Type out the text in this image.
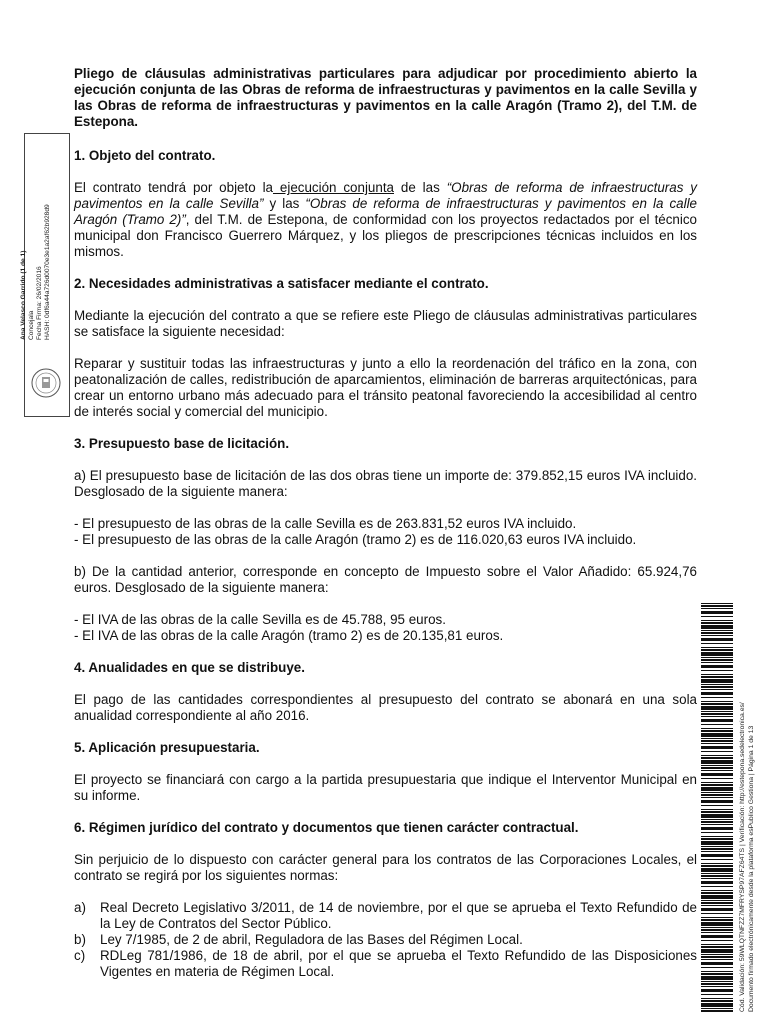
Ana Velasco Garrido (1 de 1) Concejala Fecha Firma: 26/02/2016 HASH: 0df6a44a726d0070e3e1a2af62b928d9
Pliego de cláusulas administrativas particulares para adjudicar por procedimiento abierto la ejecución conjunta de las Obras de reforma de infraestructuras y pavimentos en la calle Sevilla y las Obras de reforma de infraestructuras y pavimentos en la calle Aragón (Tramo 2), del T.M. de Estepona.
1. Objeto del contrato.

El contrato tendrá por objeto la ejecución conjunta de las “Obras de reforma de infraestructuras y pavimentos en la calle Sevilla” y las “Obras de reforma de infraestructuras y pavimentos en la calle Aragón (Tramo 2)”, del T.M. de Estepona, de conformidad con los proyectos redactados por el técnico municipal don Francisco Guerrero Márquez, y los pliegos de prescripciones técnicas incluidos en los mismos.

2. Necesidades administrativas a satisfacer mediante el contrato.

Mediante la ejecución del contrato a que se refiere este Pliego de cláusulas administrativas particulares se satisface la siguiente necesidad:

Reparar y sustituir todas las infraestructuras y junto a ello la reordenación del tráfico en la zona, con peatonalización de calles, redistribución de aparcamientos, eliminación de barreras arquitectónicas, para crear un entorno urbano más adecuado para el tránsito peatonal favoreciendo la accesibilidad al centro de interés social y comercial del municipio.

3. Presupuesto base de licitación.

a) El presupuesto base de licitación de las dos obras tiene un importe de: 379.852,15 euros IVA incluido. Desglosado de la siguiente manera:

- El presupuesto de las obras de la calle Sevilla es de 263.831,52 euros IVA incluido.

- El presupuesto de las obras de la calle Aragón (tramo 2) es de 116.020,63 euros IVA incluido.

b) De la cantidad anterior, corresponde en concepto de Impuesto sobre el Valor Añadido: 65.924,76 euros. Desglosado de la siguiente manera:

- El IVA de las obras de la calle Sevilla es de 45.788, 95 euros.

- El IVA de las obras de la calle Aragón (tramo 2) es de 20.135,81 euros.

4. Anualidades en que se distribuye.

El pago de las cantidades correspondientes al presupuesto del contrato se abonará en una sola anualidad correspondiente al año 2016.

5. Aplicación presupuestaria.

El proyecto se financiará con cargo a la partida presupuestaria que indique el Interventor Municipal en su informe.

6. Régimen jurídico del contrato y documentos que tienen carácter contractual.

Sin perjuicio de lo dispuesto con carácter general para los contratos de las Corporaciones Locales, el contrato se regirá por los siguientes normas:

a)	Real Decreto Legislativo 3/2011, de 14 de noviembre, por el que se aprueba el Texto Refundido de la Ley de Contratos del Sector Público.
b)	Ley 7/1985, de 2 de abril, Reguladora de las Bases del Régimen Local.
c)	RDLeg 781/1986, de 18 de abril, por el que se aprueba el Texto Refundido de las Disposiciones Vigentes en materia de Régimen Local.	Cód. Validación: 59WLQTNFZZ7MFRYSP97AFZ64TS | Verificación: http://estepona.sedelectronica.es/ Documento firmado electrónicamente desde la plataforma esPublico Gestiona | Página 1 de 13
